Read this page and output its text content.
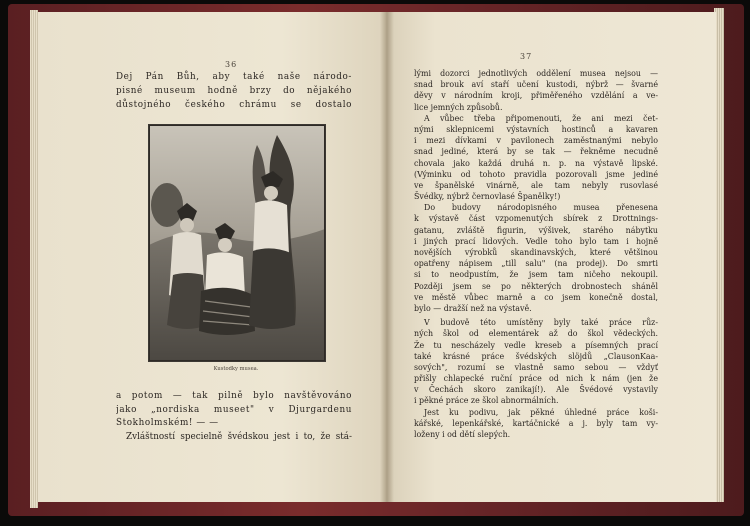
36
Dej Pán Bůh, aby také naše národo-
pisné museum hodně brzy do nějakého
důstojného českého chrámu se dostalo
Kustodky musea.
a potom — tak pilně bylo navštěvováno
jako „nordiska museet" v Djurgardenu
Štokholmském! — —
Zvláštností specielně švédskou jest i to, že stá-
37
lými dozorci jednotlivých oddělení musea nejsou —
snad brouk aví staří učení kustodi, nýbrž — švarné
děvy v národním kroji, přiměřeného vzdělání a ve-
lice jemných způsobů.
A vůbec třeba připomenouti, že ani mezi čet-
nými sklepnicemi výstavních hostinců a kavaren
i mezi dívkami v pavilonech zaměstnanými nebylo
snad jediné, která by se tak — řekněme necudně
chovala jako každá druhá n. p. na výstavě lipské.
(Výminku od tohoto pravidla pozorovali jsme jediné
ve španělské vinárně, ale tam nebyly rusovlasé
Švédky, nýbrž černovlasé Španělky!)
Do budovy národopisného musea přenesena
k výstavě část vzpomenutých sbírek z Drottnings-
gatanu, zvláště figurin, výšivek, starého nábytku
i jiných prací lidových. Vedle toho bylo tam i hojně
novějších výrobků skandinavských, které většinou
opatřeny nápisem „till salu" (na prodej). Do smrti
si to neodpustím, že jsem tam ničeho nekoupil.
Později jsem se po některých drobnostech sháněl
ve městě vůbec marně a co jsem konečně dostal,
bylo — dražší než na výstavě.
V budově této umístěny byly také práce růz-
ných škol od elementárek až do škol vědeckých.
Že tu nescházely vedle kreseb a písemných prací
také krásné práce švédských slöjdů „ClausonKaa-
sových", rozumí se vlastně samo sebou — vždyť
přišly chlapecké ruční práce od nich k nám (jen že
v Čechách skoro zanikají!). Ale Švédové vystavily
i pěkné práce ze škol abnormálních.
Jest ku podivu, jak pěkné úhledné práce koši-
kářské, lepenkářské, kartáčnické a j. byly tam vy-
loženy i od dětí slepých.
